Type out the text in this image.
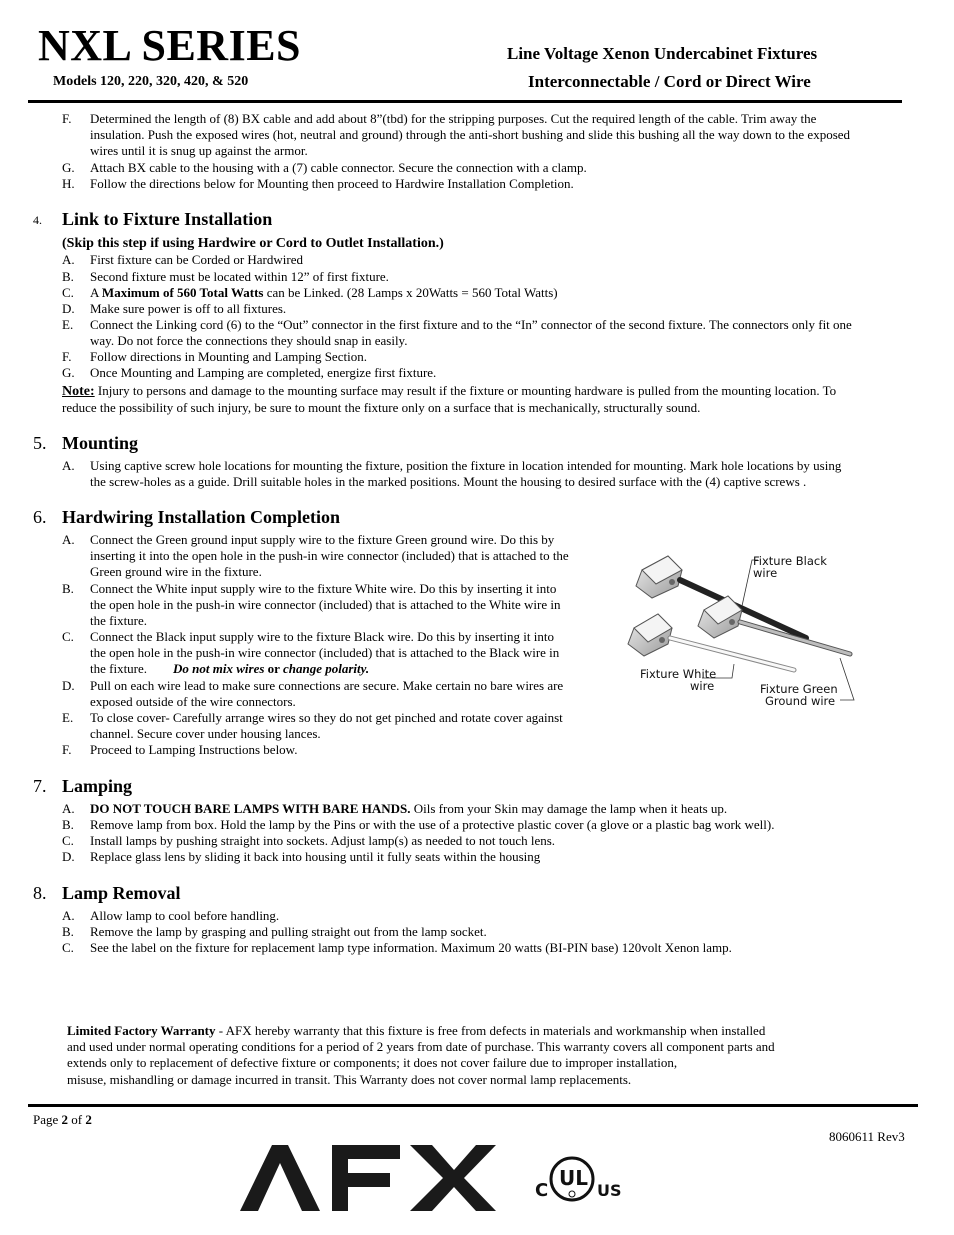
NXL SERIES
Models 120, 220, 320, 420, & 520
Line Voltage Xenon Undercabinet Fixtures
Interconnectable / Cord or Direct Wire
F. Determined the length of (8) BX cable and add about 8”(tbd) for the stripping purposes. Cut the required length of the cable. Trim away the
insulation. Push the exposed wires (hot, neutral and ground) through the anti-short bushing and slide this bushing all the way down to the exposed
wires until it is snug up against the armor.
G. Attach BX cable to the housing with a (7) cable connector. Secure the connection with a clamp.
H. Follow the directions below for Mounting then proceed to Hardwire Installation Completion.
4. Link to Fixture Installation
(Skip this step if using Hardwire or Cord to Outlet Installation.)
A. First fixture can be Corded or Hardwired
B. Second fixture must be located within 12” of first fixture.
C. A Maximum of 560 Total Watts can be Linked. (28 Lamps x 20Watts = 560 Total Watts)
D. Make sure power is off to all fixtures.
E. Connect the Linking cord (6) to the “Out” connector in the first fixture and to the “In” connector of the second fixture. The connectors only fit one
way. Do not force the connections they should snap in easily.
F. Follow directions in Mounting and Lamping Section.
G. Once Mounting and Lamping are completed, energize first fixture.
Note: Injury to persons and damage to the mounting surface may result if the fixture or mounting hardware is pulled from the mounting location. To
reduce the possibility of such injury, be sure to mount the fixture only on a surface that is mechanically, structurally sound.
5. Mounting
A. Using captive screw hole locations for mounting the fixture, position the fixture in location intended for mounting. Mark hole locations by using
the screw-holes as a guide. Drill suitable holes in the marked positions. Mount the housing to desired surface with the (4) captive screws .
6. Hardwiring Installation Completion
A. Connect the Green ground input supply wire to the fixture Green ground wire. Do this by
inserting it into the open hole in the push-in wire connector (included) that is attached to the
Green ground wire in the fixture.
B. Connect the White input supply wire to the fixture White wire. Do this by inserting it into
the open hole in the push-in wire connector (included) that is attached to the White wire in
the fixture.
C. Connect the Black input supply wire to the fixture Black wire. Do this by inserting it into
the open hole in the push-in wire connector (included) that is attached to the Black wire in
the fixture. Do not mix wires or change polarity.
D. Pull on each wire lead to make sure connections are secure. Make certain no bare wires are
exposed outside of the wire connectors.
E. To close cover- Carefully arrange wires so they do not get pinched and rotate cover against
channel. Secure cover under housing lances.
F. Proceed to Lamping Instructions below.
Fixture Black
wire
Fixture White
wire	Fixture Green
Ground wire
7. Lamping
A. DO NOT TOUCH BARE LAMPS WITH BARE HANDS. Oils from your Skin may damage the lamp when it heats up.
B. Remove lamp from box. Hold the lamp by the Pins or with the use of a protective plastic cover (a glove or a plastic bag work well).
C. Install lamps by pushing straight into sockets. Adjust lamp(s) as needed to not touch lens.
D. Replace glass lens by sliding it back into housing until it fully seats within the housing
8. Lamp Removal
A. Allow lamp to cool before handling.
B. Remove the lamp by grasping and pulling straight out from the lamp socket.
C. See the label on the fixture for replacement lamp type information. Maximum 20 watts (BI-PIN base) 120volt Xenon lamp.
Limited Factory Warranty - AFX hereby warranty that this fixture is free from defects in materials and workmanship when installed
and used under normal operating conditions for a period of 2 years from date of purchase. This warranty covers all component parts and
extends only to replacement of defective fixture or components; it does not cover failure due to improper installation,
misuse, mishandling or damage incurred in transit. This Warranty does not cover normal lamp replacements.
Page 2 of 2
8060611 Rev3
C
UL
US
